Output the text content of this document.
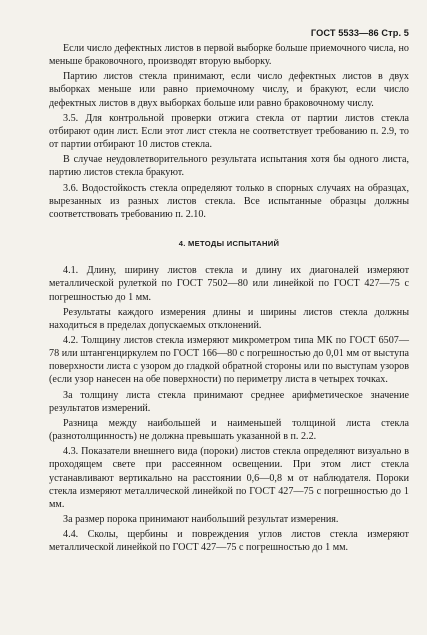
ГОСТ 5533—86 Стр. 5

Если число дефектных листов в первой выборке больше приемочного числа, но меньше браковочного, производят вторую выборку.

Партию листов стекла принимают, если число дефектных листов в двух выборках меньше или равно приемочному числу, и бракуют, если число дефектных листов в двух выборках больше или равно браковочному числу.

3.5. Для контрольной проверки отжига стекла от партии листов стекла отбирают один лист. Если этот лист стекла не соответствует требованию п. 2.9, то от партии отбирают 10 листов стекла.

В случае неудовлетворительного результата испытания хотя бы одного листа, партию листов стекла бракуют.

3.6. Водостойкость стекла определяют только в спорных случаях на образцах, вырезанных из разных листов стекла. Все испытанные образцы должны соответствовать требованию п. 2.10.

4. МЕТОДЫ ИСПЫТАНИЙ

4.1. Длину, ширину листов стекла и длину их диагоналей измеряют металлической рулеткой по ГОСТ 7502—80 или линейкой по ГОСТ 427—75 с погрешностью до 1 мм.

Результаты каждого измерения длины и ширины листов стекла должны находиться в пределах допускаемых отклонений.

4.2. Толщину листов стекла измеряют микрометром типа МК по ГОСТ 6507—78 или штангенциркулем по ГОСТ 166—80 с погрешностью до 0,01 мм от выступа поверхности листа с узором до гладкой обратной стороны или по выступам узоров (если узор нанесен на обе поверхности) по периметру листа в четырех точках.

За толщину листа стекла принимают среднее арифметическое значение результатов измерений.

Разница между наибольшей и наименьшей толщиной листа стекла (разнотолщинность) не должна превышать указанной в п. 2.2.

4.3. Показатели внешнего вида (пороки) листов стекла определяют визуально в проходящем свете при рассеянном освещении. При этом лист стекла устанавливают вертикально на расстоянии 0,6—0,8 м от наблюдателя. Пороки стекла измеряют металлической линейкой по ГОСТ 427—75 с погрешностью до 1 мм.

За размер порока принимают наибольший результат измерения.

4.4. Сколы, щербины и повреждения углов листов стекла измеряют металлической линейкой по ГОСТ 427—75 с погрешностью до 1 мм.
